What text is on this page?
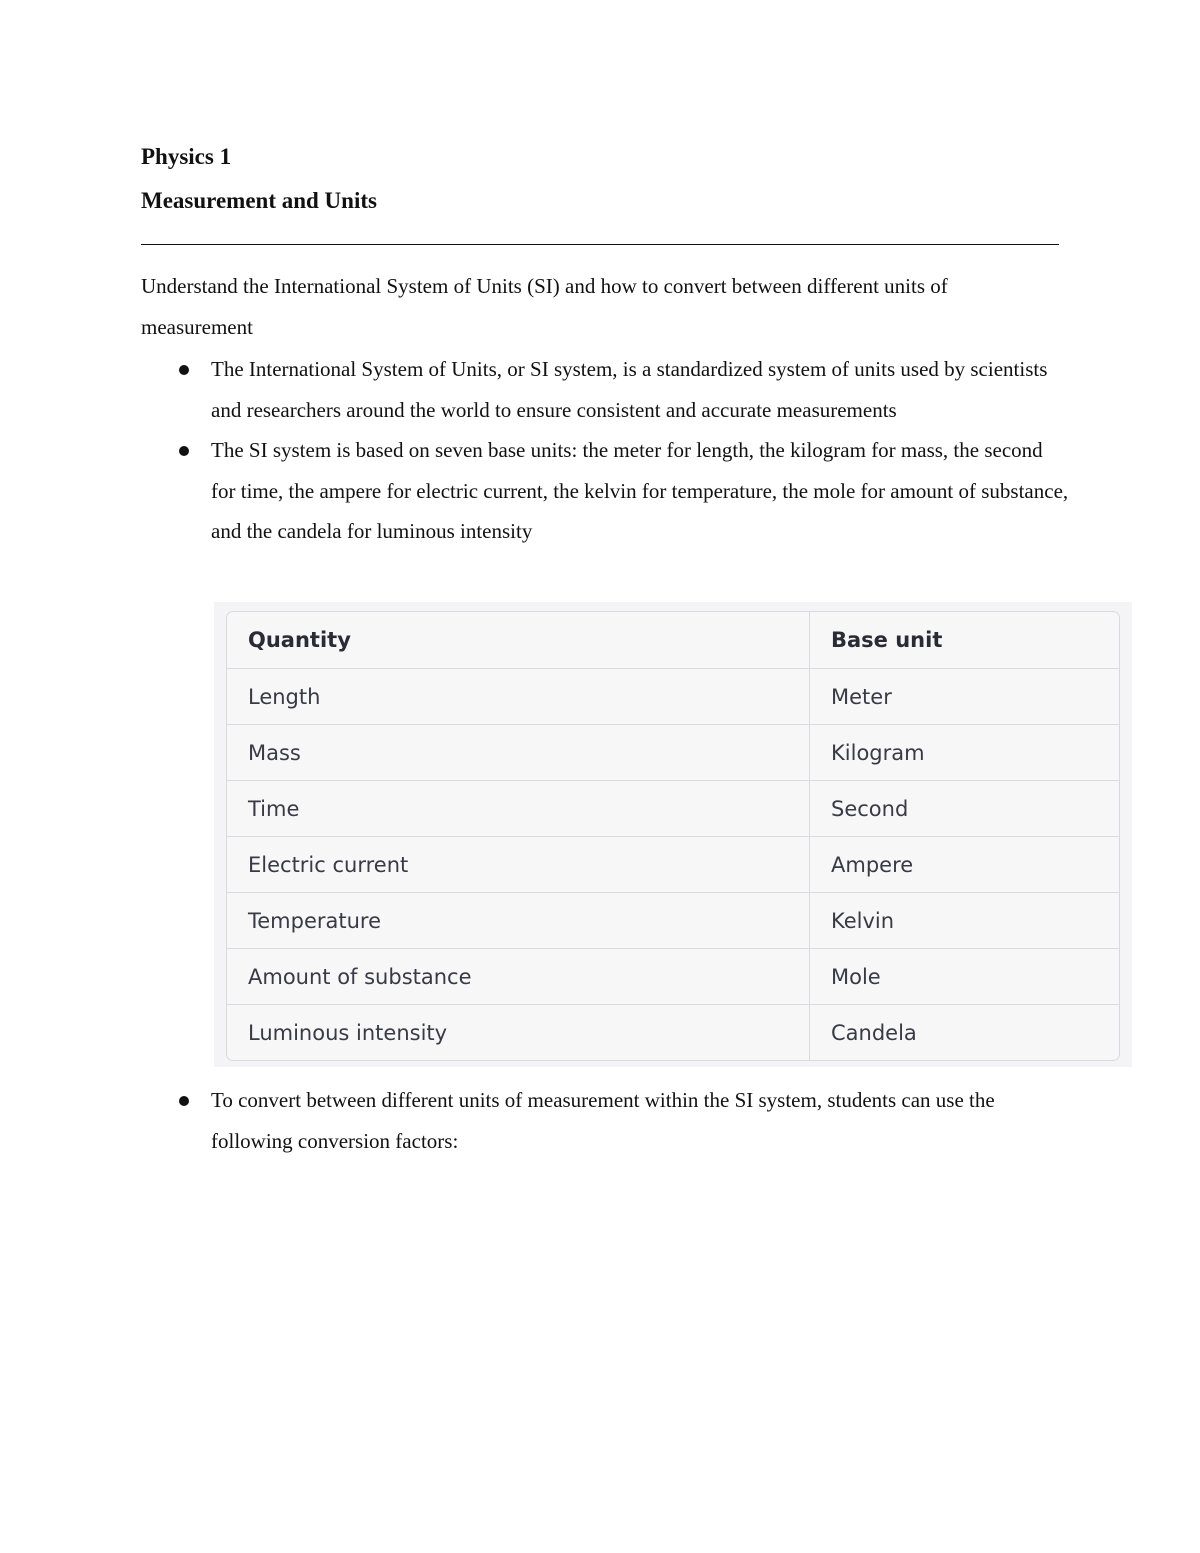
Physics 1
Measurement and Units

Understand the International System of Units (SI) and how to convert between different units of measurement

The International System of Units, or SI system, is a standardized system of units used by scientists and researchers around the world to ensure consistent and accurate measurements
The SI system is based on seven base units: the meter for length, the kilogram for mass, the second for time, the ampere for electric current, the kelvin for temperature, the mole for amount of substance, and the candela for luminous intensity
Quantity	Base unit
Length	Meter
Mass	Kilogram
Time	Second
Electric current	Ampere
Temperature	Kelvin
Amount of substance	Mole
Luminous intensity	Candela
To convert between different units of measurement within the SI system, students can use the following conversion factors:
